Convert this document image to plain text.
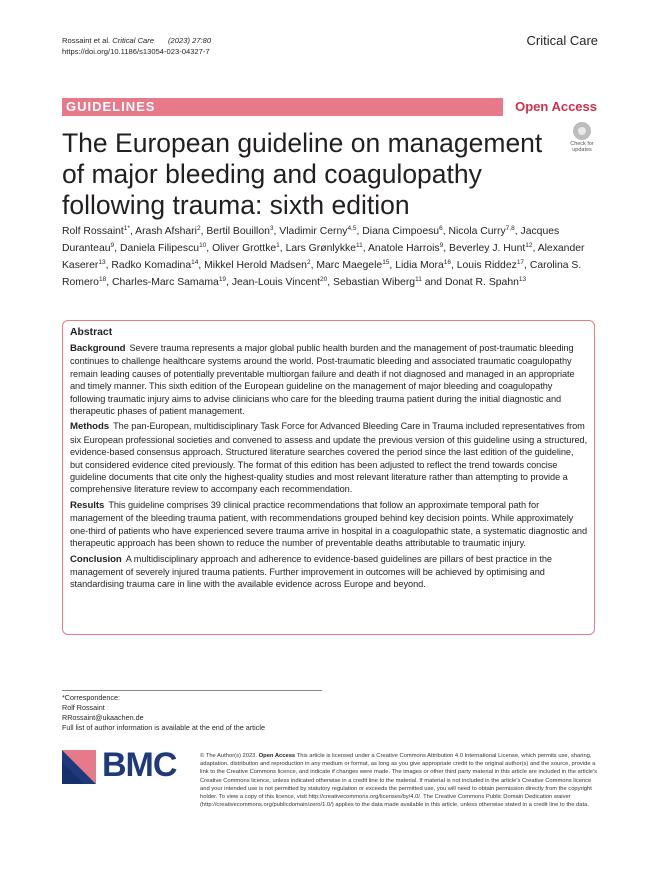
Rossaint et al. Critical Care (2023) 27:80
https://doi.org/10.1186/s13054-023-04327-7
Critical Care
GUIDELINES	Open Access
Check for
updates
The European guideline on management of major bleeding and coagulopathy following trauma: sixth edition
Rolf Rossaint$^{1*}$, Arash Afshari$^2$, Bertil Bouillon$^3$, Vladimir Cerny$^{4,5}$, Diana Cimpoesu$^6$, Nicola Curry$^{7,8}$, Jacques Duranteau$^9$, Daniela Filipescu$^{10}$, Oliver Grottke$^1$, Lars Grønlykke$^{11}$, Anatole Harrois$^9$, Beverley J. Hunt$^{12}$, Alexander Kaserer$^{13}$, Radko Komadina$^{14}$, Mikkel Herold Madsen$^2$, Marc Maegele$^{15}$, Lidia Mora$^{16}$, Louis Riddez$^{17}$, Carolina S. Romero$^{18}$, Charles-Marc Samama$^{19}$, Jean-Louis Vincent$^{20}$, Sebastian Wiberg$^{11}$ and Donat R. Spahn$^{13}$
Abstract
Background Severe trauma represents a major global public health burden and the management of post-traumatic bleeding continues to challenge healthcare systems around the world. Post-traumatic bleeding and associated traumatic coagulopathy remain leading causes of potentially preventable multiorgan failure and death if not diagnosed and managed in an appropriate and timely manner. This sixth edition of the European guideline on the management of major bleeding and coagulopathy following traumatic injury aims to advise clinicians who care for the bleeding trauma patient during the initial diagnostic and therapeutic phases of patient management.
Methods The pan-European, multidisciplinary Task Force for Advanced Bleeding Care in Trauma included representatives from six European professional societies and convened to assess and update the previous version of this guideline using a structured, evidence-based consensus approach. Structured literature searches covered the period since the last edition of the guideline, but considered evidence cited previously. The format of this edition has been adjusted to reflect the trend towards concise guideline documents that cite only the highest-quality studies and most relevant literature rather than attempting to provide a comprehensive literature review to accompany each recommendation.
Results This guideline comprises 39 clinical practice recommendations that follow an approximate temporal path for management of the bleeding trauma patient, with recommendations grouped behind key decision points. While approximately one-third of patients who have experienced severe trauma arrive in hospital in a coagulopathic state, a systematic diagnostic and therapeutic approach has been shown to reduce the number of preventable deaths attributable to traumatic injury.
Conclusion A multidisciplinary approach and adherence to evidence-based guidelines are pillars of best practice in the management of severely injured trauma patients. Further improvement in outcomes will be achieved by optimising and standardising trauma care in line with the available evidence across Europe and beyond.
*Correspondence:
Rolf Rossaint
RRossaint@ukaachen.de
Full list of author information is available at the end of the article
BMC	© The Author(s) 2023. Open Access This article is licensed under a Creative Commons Attribution 4.0 International License, which permits use, sharing, adaptation, distribution and reproduction in any medium or format, as long as you give appropriate credit to the original author(s) and the source, provide a link to the Creative Commons licence, and indicate if changes were made. The images or other third party material in this article are included in the article's Creative Commons licence, unless indicated otherwise in a credit line to the material. If material is not included in the article's Creative Commons licence and your intended use is not permitted by statutory regulation or exceeds the permitted use, you will need to obtain permission directly from the copyright holder. To view a copy of this licence, visit http://creativecommons.org/licenses/by/4.0/. The Creative Commons Public Domain Dedication waiver (http://creativecommons.org/publicdomain/zero/1.0/) applies to the data made available in this article, unless otherwise stated in a credit line to the data.
